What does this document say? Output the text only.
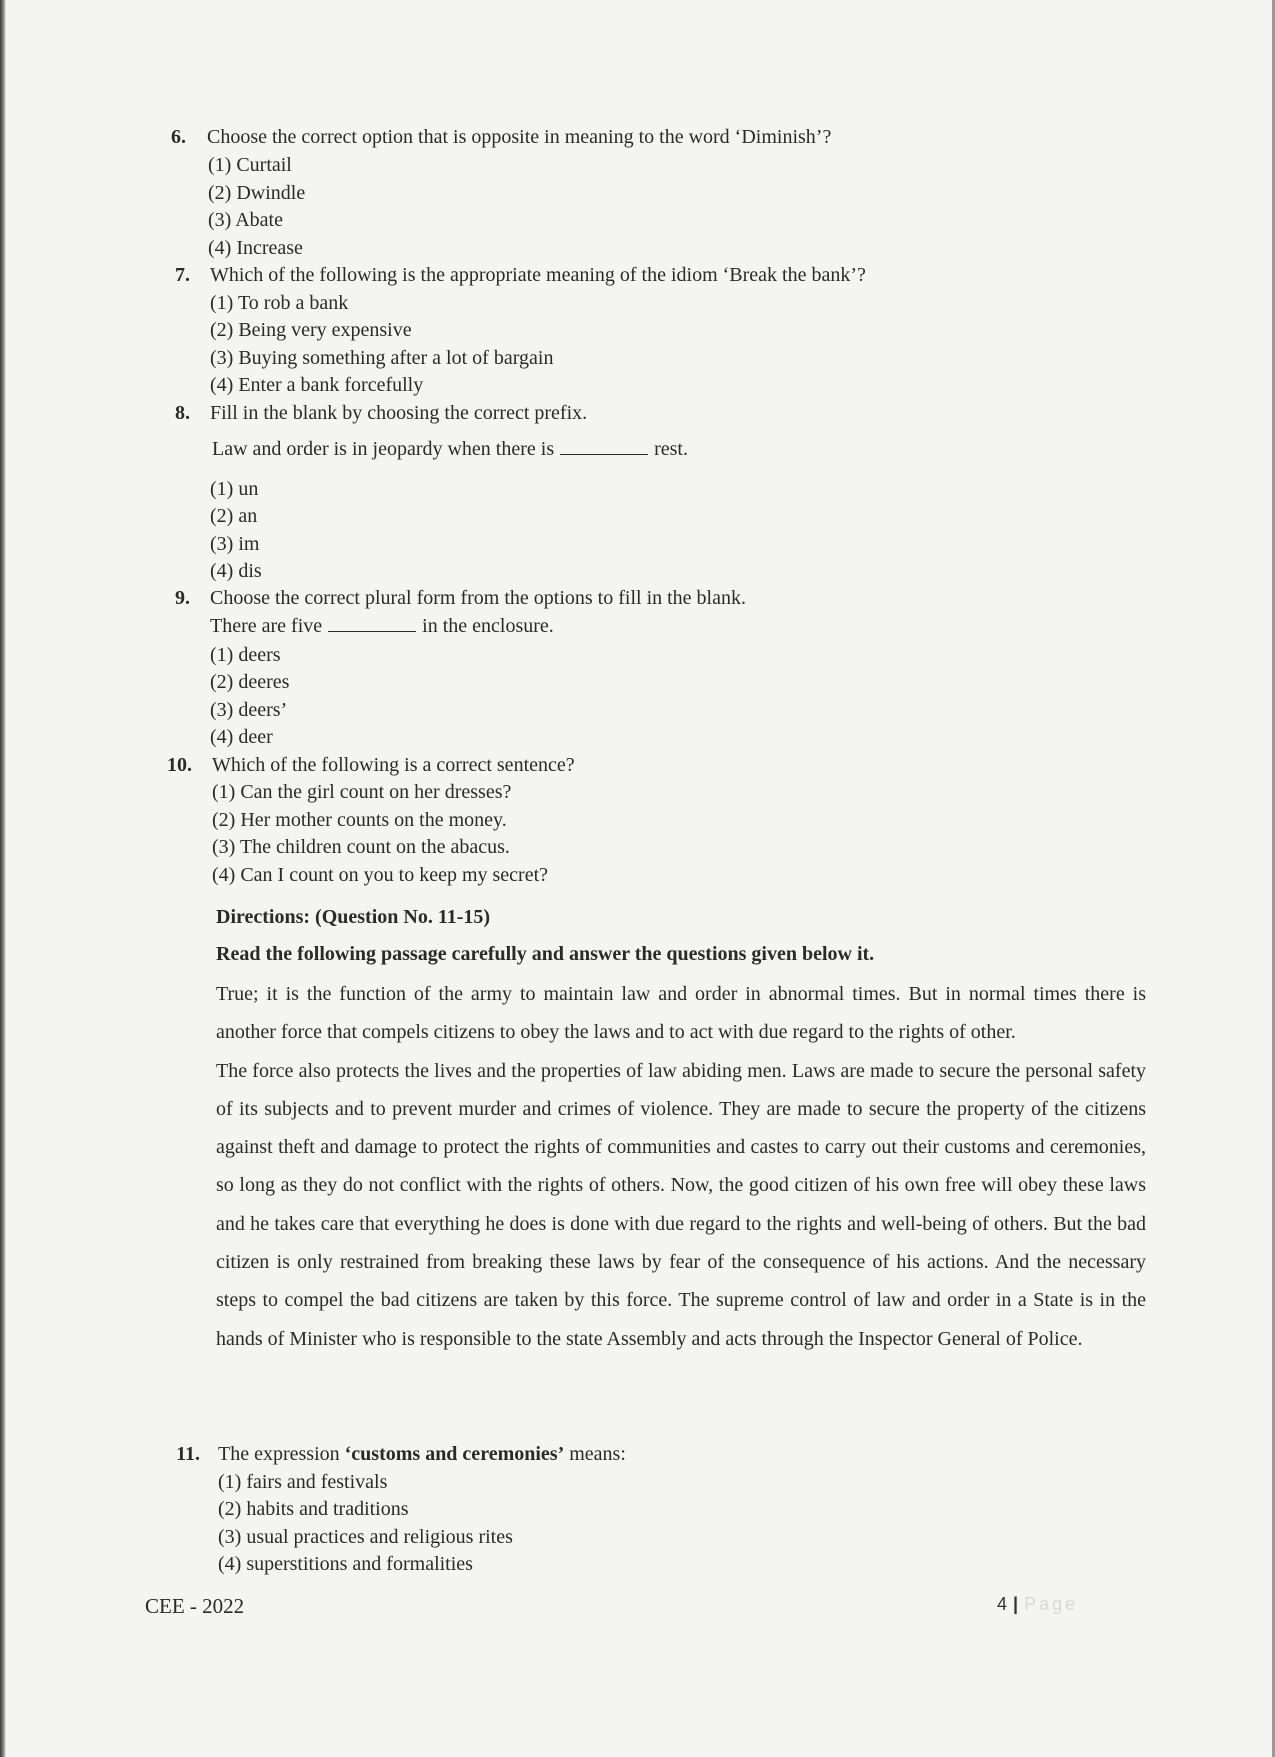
6. Choose the correct option that is opposite in meaning to the word ‘Diminish’?
(1) Curtail
(2) Dwindle
(3) Abate
(4) Increase
7. Which of the following is the appropriate meaning of the idiom ‘Break the bank’?
(1) To rob a bank
(2) Being very expensive
(3) Buying something after a lot of bargain
(4) Enter a bank forcefully
8. Fill in the blank by choosing the correct prefix.
Law and order is in jeopardy when there is	rest.
(1) un
(2) an
(3) im
(4) dis
9. Choose the correct plural form from the options to fill in the blank.
There are five	in the enclosure.
(1) deers
(2) deeres
(3) deers’
(4) deer
10. Which of the following is a correct sentence?
(1) Can the girl count on her dresses?
(2) Her mother counts on the money.
(3) The children count on the abacus.
(4) Can I count on you to keep my secret?
Directions: (Question No. 11-15)
Read the following passage carefully and answer the questions given below it.

True; it is the function of the army to maintain law and order in abnormal times. But in normal times there is another force that compels citizens to obey the laws and to act with due regard to the rights of other.

The force also protects the lives and the properties of law abiding men. Laws are made to secure the personal safety of its subjects and to prevent murder and crimes of violence. They are made to secure the property of the citizens against theft and damage to protect the rights of communities and castes to carry out their customs and ceremonies, so long as they do not conflict with the rights of others. Now, the good citizen of his own free will obey these laws and he takes care that everything he does is done with due regard to the rights and well-being of others. But the bad citizen is only restrained from breaking these laws by fear of the consequence of his actions. And the necessary steps to compel the bad citizens are taken by this force. The supreme control of law and order in a State is in the hands of Minister who is responsible to the state Assembly and acts through the Inspector General of Police.

11. The expression ‘customs and ceremonies’ means:
(1) fairs and festivals
(2) habits and traditions
(3) usual practices and religious rites
(4) superstitions and formalities
CEE - 2022	4 | Page
